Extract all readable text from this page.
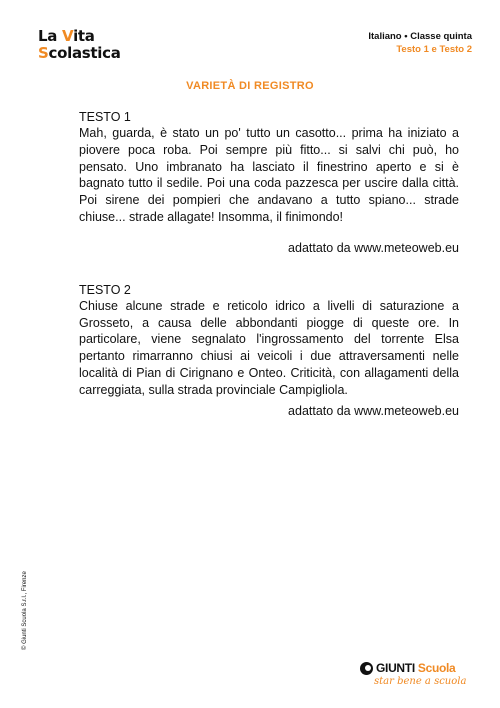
La Vita
Scolastica
Italiano • Classe quinta
Testo 1 e Testo 2
VARIETÀ DI REGISTRO
TESTO 1

Mah, guarda, è stato un po' tutto un casotto... prima ha iniziato a piovere poca roba. Poi sempre più fitto... si salvi chi può, ho pensato. Uno imbranato ha lasciato il finestrino aperto e si è bagnato tutto il sedile. Poi una coda pazzesca per uscire dalla città. Poi sirene dei pompieri che andavano a tutto spiano... strade chiuse... strade allagate! Insomma, il finimondo!

adattato da www.meteoweb.eu
TESTO 2

Chiuse alcune strade e reticolo idrico a livelli di saturazione a Grosseto, a causa delle abbondanti piogge di queste ore. In particolare, viene segnalato l'ingrossamento del torrente Elsa pertanto rimarranno chiusi ai veicoli i due attraversamenti nelle località di Pian di Cirignano e Onteo. Criticità, con allagamenti della carreggiata, sulla strada provinciale Campigliola.

adattato da www.meteoweb.eu
© Giunti Scuola S.r.l., Firenze
GIUNTI Scuola
star bene a scuola
